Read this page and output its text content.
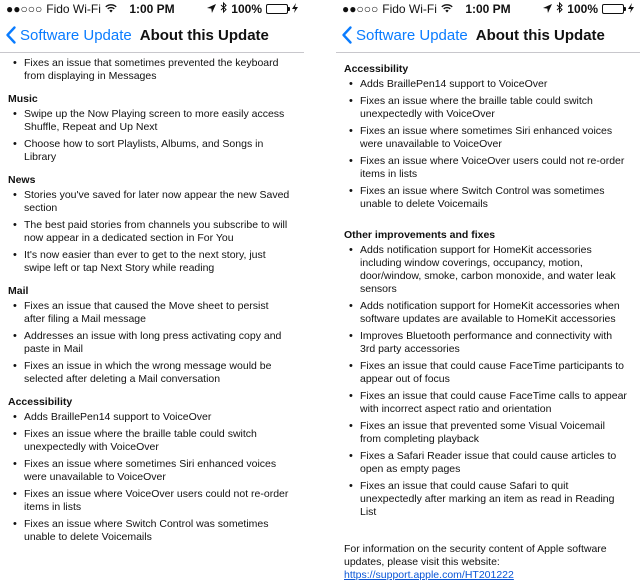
●●○○○ Fido Wi-Fi	1:00 PM	100%
Software Update About this Update
• Fixes an issue that sometimes prevented the keyboard from displaying in Messages
Music
• Swipe up the Now Playing screen to more easily access Shuffle, Repeat and Up Next
• Choose how to sort Playlists, Albums, and Songs in Library
News
• Stories you've saved for later now appear the new Saved section
• The best paid stories from channels you subscribe to will now appear in a dedicated section in For You
• It's now easier than ever to get to the next story, just swipe left or tap Next Story while reading
Mail
• Fixes an issue that caused the Move sheet to persist after filing a Mail message
• Addresses an issue with long press activating copy and paste in Mail
• Fixes an issue in which the wrong message would be selected after deleting a Mail conversation
Accessibility
• Adds BraillePen14 support to VoiceOver
• Fixes an issue where the braille table could switch unexpectedly with VoiceOver
• Fixes an issue where sometimes Siri enhanced voices were unavailable to VoiceOver
• Fixes an issue where VoiceOver users could not re-order items in lists
• Fixes an issue where Switch Control was sometimes unable to delete Voicemails
●●○○○ Fido Wi-Fi	1:00 PM	100%
Software Update About this Update
Accessibility
• Adds BraillePen14 support to VoiceOver
• Fixes an issue where the braille table could switch unexpectedly with VoiceOver
• Fixes an issue where sometimes Siri enhanced voices were unavailable to VoiceOver
• Fixes an issue where VoiceOver users could not re-order items in lists
• Fixes an issue where Switch Control was sometimes unable to delete Voicemails
Other improvements and fixes
• Adds notification support for HomeKit accessories including window coverings, occupancy, motion, door/window, smoke, carbon monoxide, and water leak sensors
• Adds notification support for HomeKit accessories when software updates are available to HomeKit accessories
• Improves Bluetooth performance and connectivity with 3rd party accessories
• Fixes an issue that could cause FaceTime participants to appear out of focus
• Fixes an issue that could cause FaceTime calls to appear with incorrect aspect ratio and orientation
• Fixes an issue that prevented some Visual Voicemail from completing playback
• Fixes a Safari Reader issue that could cause articles to open as empty pages
• Fixes an issue that could cause Safari to quit unexpectedly after marking an item as read in Reading List
For information on the security content of Apple software updates, please visit this website:
https://support.apple.com/HT201222
